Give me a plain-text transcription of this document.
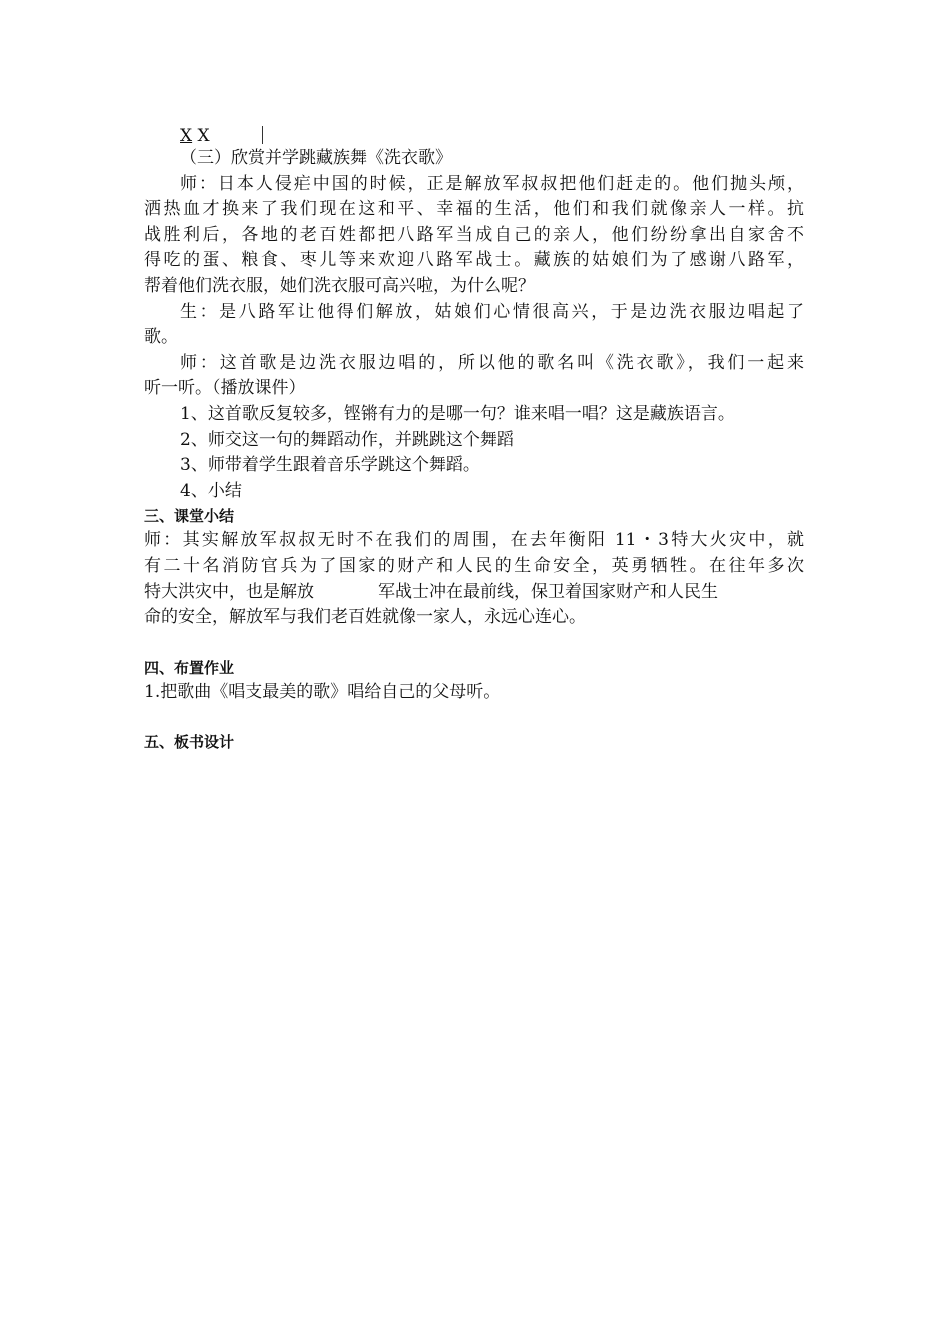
X X
（三）欣赏并学跳藏族舞《洗衣歌》
师：日本人侵疟中国的时候，正是解放军叔叔把他们赶走的。他们抛头颅，
洒热血才换来了我们现在这和平、幸福的生活，他们和我们就像亲人一样。抗
战胜利后，各地的老百姓都把八路军当成自己的亲人，他们纷纷拿出自家舍不
得吃的蛋、粮食、枣儿等来欢迎八路军战士。藏族的姑娘们为了感谢八路军，
帮着他们洗衣服，她们洗衣服可高兴啦，为什么呢？
生：是八路军让他得们解放，姑娘们心情很高兴，于是边洗衣服边唱起了
歌。
师：这首歌是边洗衣服边唱的，所以他的歌名叫《洗衣歌》，我们一起来
听一听。（播放课件）
1、这首歌反复较多，铿锵有力的是哪一句？谁来唱一唱？这是藏族语言。
2、师交这一句的舞蹈动作，并跳跳这个舞蹈
3、师带着学生跟着音乐学跳这个舞蹈。
4、小结
三、课堂小结
师：其实解放军叔叔无时不在我们的周围，在去年衡阳 11・3特大火灾中，就
有二十名消防官兵为了国家的财产和人民的生命安全，英勇牺牲。在往年多次
特大洪灾中，也是解放	军战士冲在最前线，保卫着国家财产和人民生
命的安全，解放军与我们老百姓就像一家人，永远心连心。
四、布置作业
1.把歌曲《唱支最美的歌》唱给自己的父母听。
五、板书设计
